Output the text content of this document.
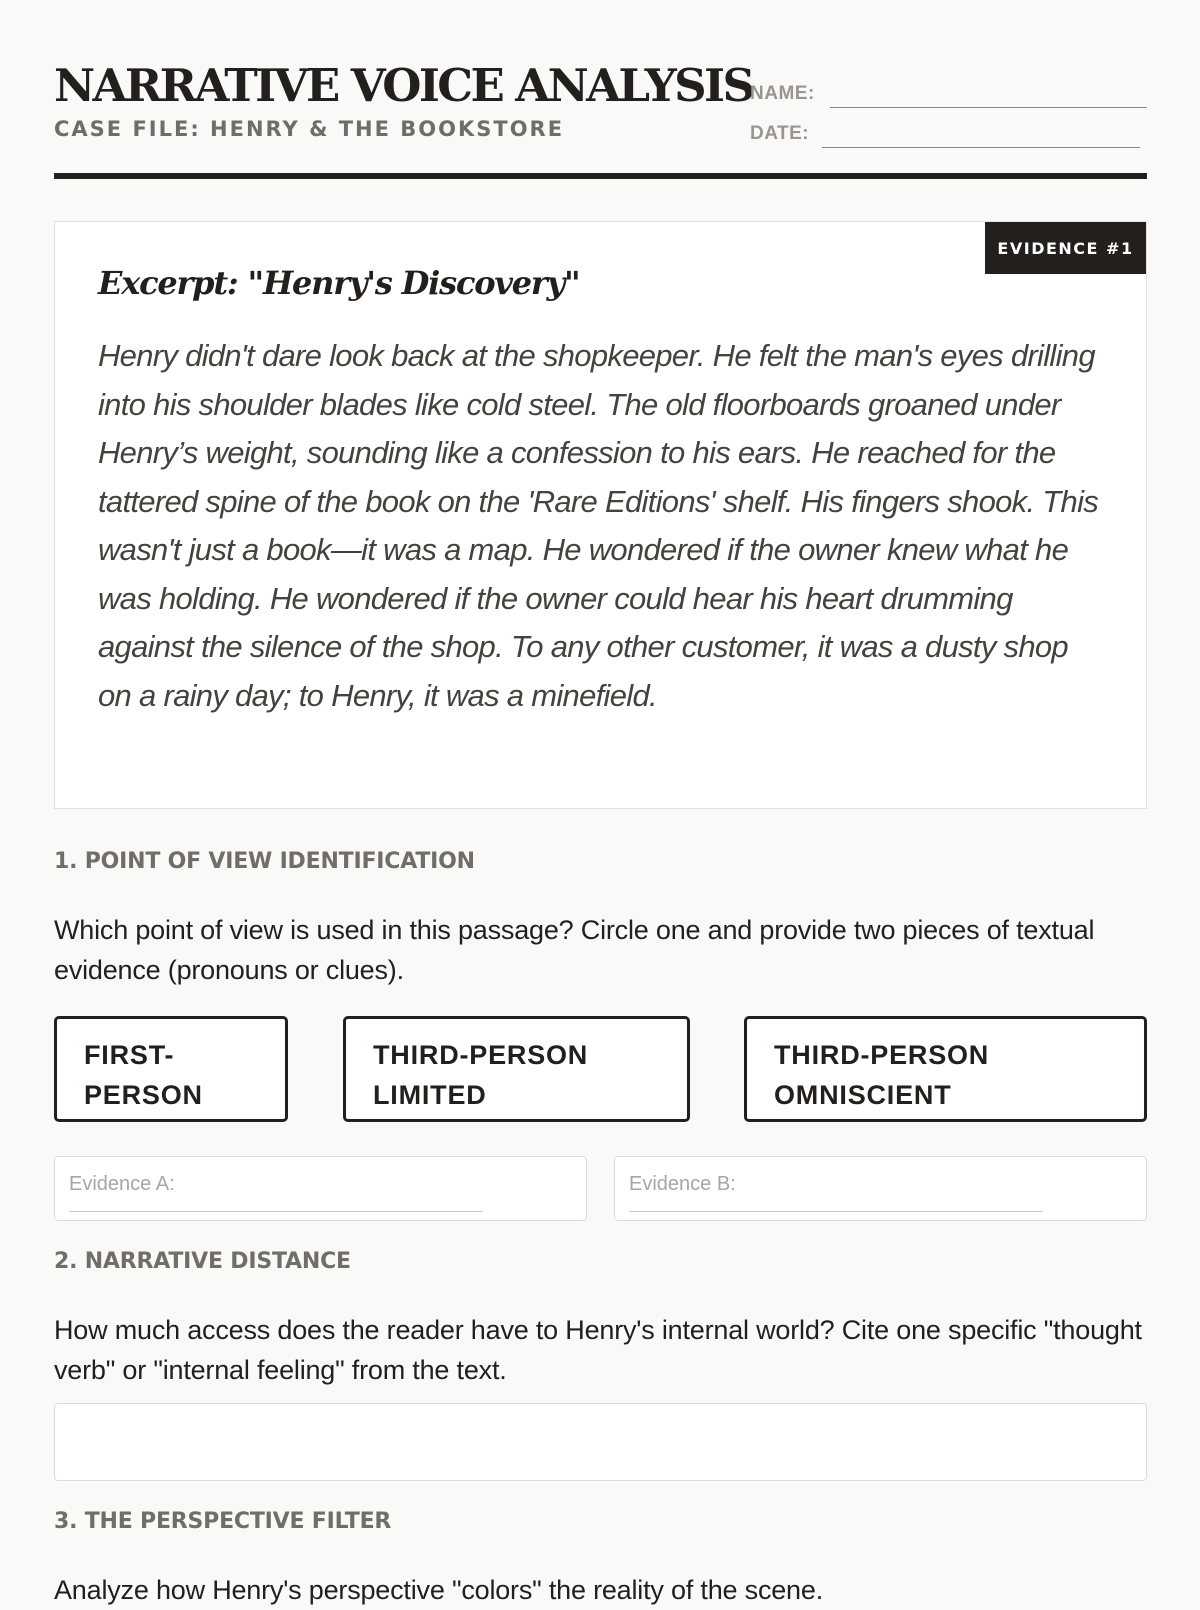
NARRATIVE VOICE ANALYSIS
CASE FILE: HENRY & THE BOOKSTORE
NAME:
DATE:
EVIDENCE #1
Excerpt: "Henry's Discovery"

Henry didn't dare look back at the shopkeeper. He felt the man's eyes drilling into his shoulder blades like cold steel. The old floorboards groaned under Henry’s weight, sounding like a confession to his ears. He reached for the tattered spine of the book on the 'Rare Editions' shelf. His fingers shook. This wasn't just a book—it was a map. He wondered if the owner knew what he was holding. He wondered if the owner could hear his heart drumming against the silence of the shop. To any other customer, it was a dusty shop on a rainy day; to Henry, it was a minefield.

1. POINT OF VIEW IDENTIFICATION

Which point of view is used in this passage? Circle one and provide two pieces of textual evidence (pronouns or clues).

FIRST-
PERSON
THIRD-PERSON
LIMITED
THIRD-PERSON
OMNISCIENT
Evidence A:	Evidence B:
2. NARRATIVE DISTANCE

How much access does the reader have to Henry's internal world? Cite one specific "thought verb" or "internal feeling" from the text.

3. THE PERSPECTIVE FILTER

Analyze how Henry's perspective "colors" the reality of the scene.
